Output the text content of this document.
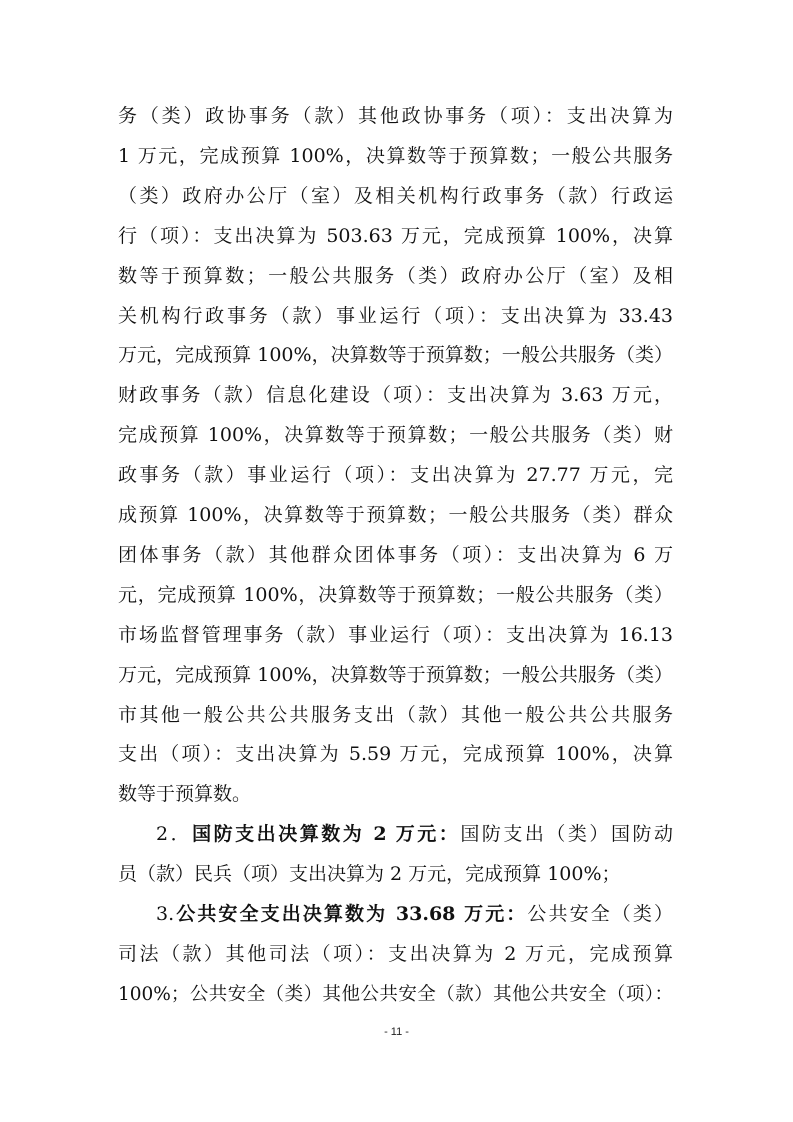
务（类）政协事务（款）其他政协事务（项）：支出决算为
1 万元，完成预算 100%，决算数等于预算数；一般公共服务
（类）政府办公厅（室）及相关机构行政事务（款）行政运
行（项）：支出决算为 503.63 万元，完成预算 100%，决算
数等于预算数；一般公共服务（类）政府办公厅（室）及相
关机构行政事务（款）事业运行（项）：支出决算为 33.43
万元，完成预算 100%，决算数等于预算数；一般公共服务（类）
财政事务（款）信息化建设（项）：支出决算为 3.63 万元，
完成预算 100%，决算数等于预算数；一般公共服务（类）财
政事务（款）事业运行（项）：支出决算为 27.77 万元，完
成预算 100%，决算数等于预算数；一般公共服务（类）群众
团体事务（款）其他群众团体事务（项）：支出决算为 6 万
元，完成预算 100%，决算数等于预算数；一般公共服务（类）
市场监督管理事务（款）事业运行（项）：支出决算为 16.13
万元，完成预算 100%，决算数等于预算数；一般公共服务（类）
市其他一般公共公共服务支出（款）其他一般公共公共服务
支出（项）：支出决算为 5.59 万元，完成预算 100%，决算
数等于预算数。
2．国防支出决算数为 2 万元：国防支出（类）国防动
员（款）民兵（项）支出决算为 2 万元，完成预算 100%；
3.公共安全支出决算数为 33.68 万元：公共安全（类）
司法（款）其他司法（项）：支出决算为 2 万元，完成预算
100%；公共安全（类）其他公共安全（款）其他公共安全（项）：
- 11 -
